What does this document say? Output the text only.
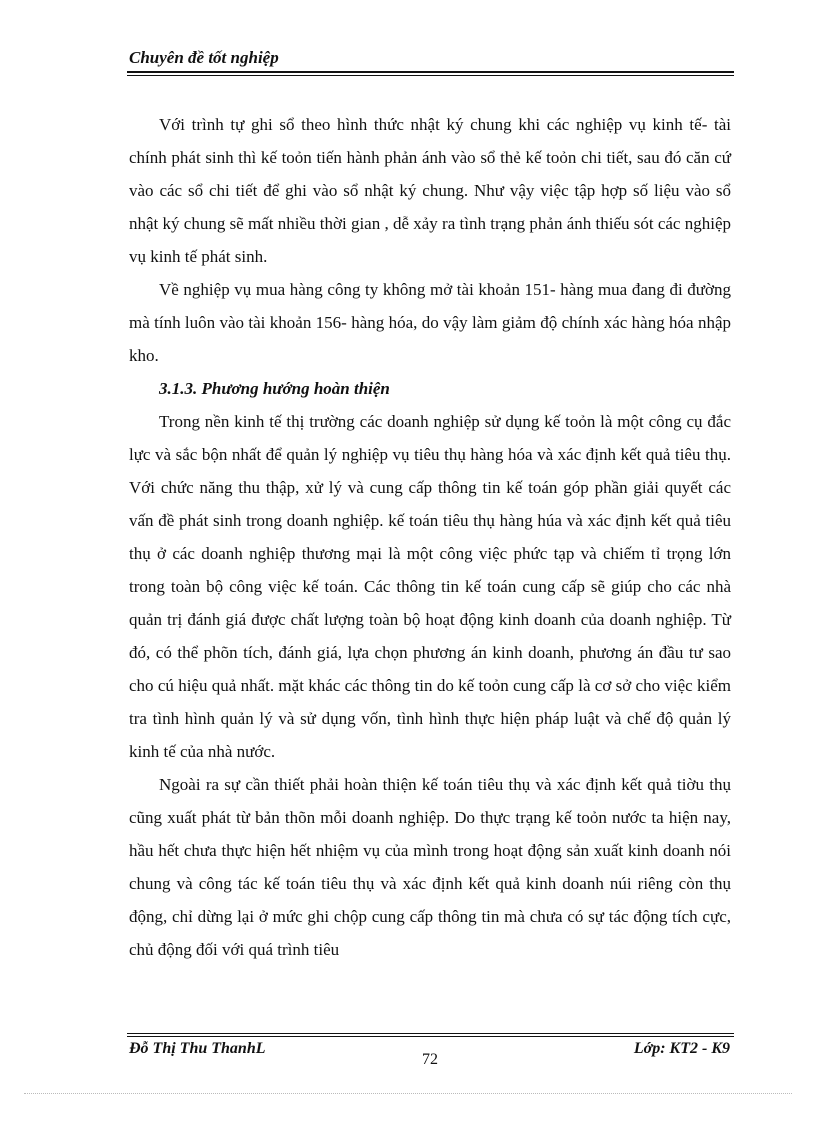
Chuyên đề tốt nghiệp

Với trình tự ghi sổ theo hình thức nhật ký chung khi các nghiệp vụ kinh tế- tài chính phát sinh thì kế toỏn tiến hành phản ánh vào sổ thẻ kế toỏn chi tiết, sau đó căn cứ vào các sổ chi tiết để ghi vào sổ nhật ký chung. Như vậy việc tập hợp số liệu vào sổ nhật ký chung sẽ mất nhiều thời gian , dễ xảy ra tình trạng phản ánh thiếu sót các nghiệp vụ kinh tế phát sinh.

Về nghiệp vụ mua hàng công ty không mở tài khoản 151- hàng mua đang đi đường mà tính luôn vào tài khoản 156- hàng hóa, do vậy làm giảm độ chính xác hàng hóa nhập kho.

3.1.3. Phương hướng hoàn thiện

Trong nền kinh tế thị trường các doanh nghiệp sử dụng kế toỏn là một công cụ đắc lực và sắc bộn nhất để quản lý nghiệp vụ tiêu thụ hàng hóa và xác định kết quả tiêu thụ. Với chức năng thu thập, xử lý và cung cấp thông tin kế toán góp phần giải quyết các vấn đề phát sinh trong doanh nghiệp. kế toán tiêu thụ hàng húa và xác định kết quả tiêu thụ ở các doanh nghiệp thương mại là một công việc phức tạp và chiếm tỉ trọng lớn trong toàn bộ công việc kế toán. Các thông tin kế toán cung cấp sẽ giúp cho các nhà quản trị đánh giá được chất lượng toàn bộ hoạt động kinh doanh của doanh nghiệp. Từ đó, có thể phõn tích, đánh giá, lựa chọn phương án kinh doanh, phương án đầu tư sao cho cú hiệu quả nhất. mặt khác các thông tin do kế toỏn cung cấp là cơ sở cho việc kiểm tra tình hình quản lý và sử dụng vốn, tình hình thực hiện pháp luật và chế độ quản lý kinh tế của nhà nước.

Ngoài ra sự cần thiết phải hoàn thiện kế toán tiêu thụ và xác định kết quả tiờu thụ cũng xuất phát từ bản thõn mỗi doanh nghiệp. Do thực trạng kế toỏn nước ta hiện nay, hầu hết chưa thực hiện hết nhiệm vụ của mình trong hoạt động sản xuất kinh doanh nói chung và công tác kế toán tiêu thụ và xác định kết quả kinh doanh núi riêng còn thụ động, chỉ dừng lại ở mức ghi chộp cung cấp thông tin mà chưa có sự tác động tích cực, chủ động đối với quá trình tiêu

Đỗ Thị Thu ThanhL	Lớp: KT2 - K9
72
